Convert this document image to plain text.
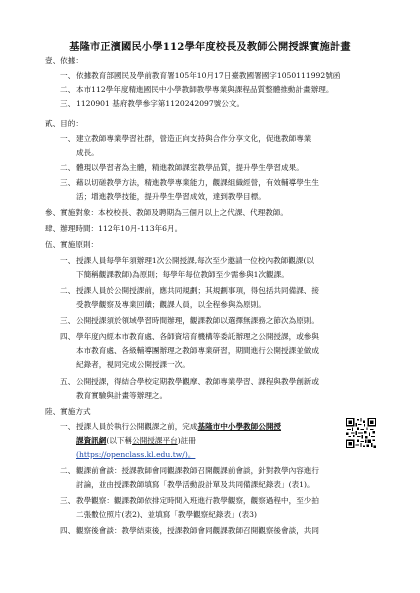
基隆市正濱國民小學112學年度校長及教師公開授課實施計畫
壹、依據：
一、 依據教育部國民及學前教育署105年10月17日臺教國署國字1050111992號函
二、 本市112學年度精進國民中小學教師教學專業與課程品質整體推動計畫辦理。
三、 1120901 基府教學參字第1120242097號公文。
貳、目的：
一、 建立教師專業學習社群，營造正向支持與合作分享文化，促進教師專業
成長。
二、 體現以學習者為主體，精進教師課室教學品質，提升學生學習成果。
三、 藉以切磋教學方法，精進教學專業能力，觀課組織經營，有效輔導學生生
活；增進教學技能，提升學生學習成效，達到教學目標。
參、實施對象：本校校長、教師及聘期為三個月以上之代課、代理教師。
肆、辦理時間：112年10月-113年6月。
伍、實施原則：
一、 授課人員每學年須辦理1次公開授課,每次至少邀請一位校內教師觀課(以
下簡稱觀課教師)為原則；每學年每位教師至少需參與1次觀課。
二、 授課人員於公開授課前，應共同規劃；其規劃事項，得包括共同備課、接
受教學觀察及專業回饋；觀課人員，以全程參與為原則。
三、 公開授課須於領域學習時間辦理，觀課教師以選擇無課務之節次為原則。
四、 學年度內經本市教育處、各師資培育機構等委託辦理之公開授課，或參與
本市教育處、各級輔導團辦理之教師專業研習，期間進行公開授課並做成
紀錄者，視同完成公開授課一次。
五、 公開授課，得結合學校定期教學觀摩、教師專業學習、課程與教學創新或
教育實驗與計畫等辦理之。
陸、實施方式
一、 授課人員於執行公開觀課之前，完成基隆市中小學教師公開授
課資訊網(以下稱公開授課平台)註冊
(https://openclass.kl.edu.tw/)。
二、 觀課前會談：授課教師會同觀課教師召開觀課前會談，針對教學內容進行
討論，並由授課教師填寫「教學活動設計單及共同備課紀錄表」(表1)。
三、 教學觀察：觀課教師依排定時間入班進行教學觀察，觀察過程中，至少拍
二張數位照片(表2)、並填寫「教學觀察紀錄表」(表3)
四、 觀察後會談：教學結束後，授課教師會同觀課教師召開觀察後會談，共同
